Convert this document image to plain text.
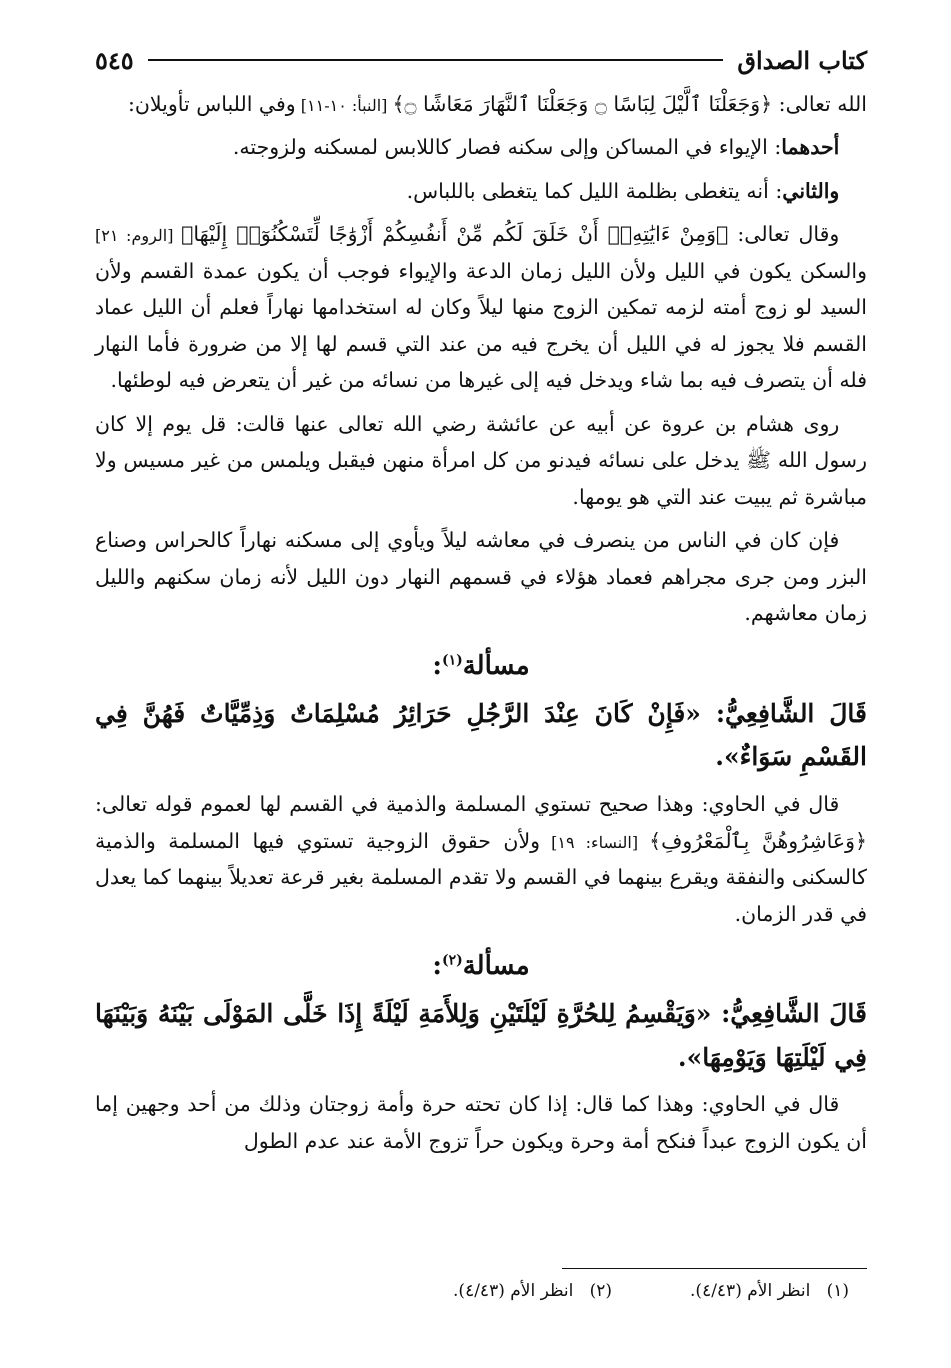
كتاب الصداق
٥٤٥

الله تعالى: ﴿وَجَعَلْنَا ٱلَّيْلَ لِبَاسًا ۝ وَجَعَلْنَا ٱلنَّهَارَ مَعَاشًا ۝﴾ [النبأ: ١٠-١١] وفي اللباس تأويلان:

أحدهما: الإيواء في المساكن وإلى سكنه فصار كاللابس لمسكنه ولزوجته.

والثاني: أنه يتغطى بظلمة الليل كما يتغطى باللباس.

وقال تعالى: ﴿وَمِنْ ءَايَٰتِهِۦٓ أَنْ خَلَقَ لَكُم مِّنْ أَنفُسِكُمْ أَزْوَٰجًا لِّتَسْكُنُوٓا۟ إِلَيْهَا﴾ [الروم: ٢١] والسكن يكون في الليل ولأن الليل زمان الدعة والإيواء فوجب أن يكون عمدة القسم ولأن السيد لو زوج أمته لزمه تمكين الزوج منها ليلاً وكان له استخدامها نهاراً فعلم أن الليل عماد القسم فلا يجوز له في الليل أن يخرج فيه من عند التي قسم لها إلا من ضرورة فأما النهار فله أن يتصرف فيه بما شاء ويدخل فيه إلى غيرها من نسائه من غير أن يتعرض فيه لوطئها.

روى هشام بن عروة عن أبيه عن عائشة رضي الله تعالى عنها قالت: قل يوم إلا كان رسول الله ﷺ يدخل على نسائه فيدنو من كل امرأة منهن فيقبل ويلمس من غير مسيس ولا مباشرة ثم يبيت عند التي هو يومها.

فإن كان في الناس من ينصرف في معاشه ليلاً ويأوي إلى مسكنه نهاراً كالحراس وصناع البزر ومن جرى مجراهم فعماد هؤلاء في قسمهم النهار دون الليل لأنه زمان سكنهم والليل زمان معاشهم.

مسألة$^{(١)}$:

قَالَ الشَّافِعِيُّ: «فَإِنْ كَانَ عِنْدَ الرَّجُلِ حَرَائِرُ مُسْلِمَاتٌ وَذِمِّيَّاتٌ فَهُنَّ فِي القَسْمِ سَوَاءٌ».

قال في الحاوي: وهذا صحيح تستوي المسلمة والذمية في القسم لها لعموم قوله تعالى: ﴿وَعَاشِرُوهُنَّ بِٱلْمَعْرُوفِ﴾ [النساء: ١٩] ولأن حقوق الزوجية تستوي فيها المسلمة والذمية كالسكنى والنفقة ويقرع بينهما في القسم ولا تقدم المسلمة بغير قرعة تعديلاً بينهما كما يعدل في قدر الزمان.

مسألة$^{(٢)}$:

قَالَ الشَّافِعِيُّ: «وَيَقْسِمُ لِلحُرَّةِ لَيْلَتَيْنِ وَلِلأَمَةِ لَيْلَةً إِذَا خَلَّى المَوْلَى بَيْنَهُ وَبَيْنَهَا فِي لَيْلَتِهَا وَيَوْمِهَا».

قال في الحاوي: وهذا كما قال: إذا كان تحته حرة وأمة زوجتان وذلك من أحد وجهين إما أن يكون الزوج عبداً فنكح أمة وحرة ويكون حراً تزوج الأمة عند عدم الطول

(١)   انظر الأم (٤/٤٣).
(٢)   انظر الأم (٤/٤٣).
